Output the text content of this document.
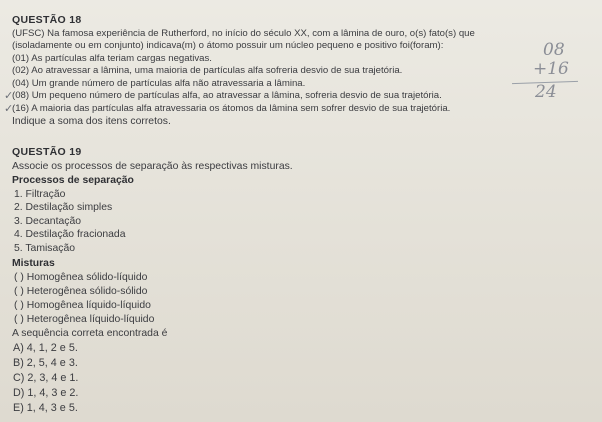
QUESTÃO 18
(UFSC) Na famosa experiência de Rutherford, no início do século XX, com a lâmina de ouro, o(s) fato(s) que
(isoladamente ou em conjunto) indicava(m) o átomo possuir um núcleo pequeno e positivo foi(foram):
(01) As partículas alfa teriam cargas negativas.
(02) Ao atravessar a lâmina, uma maioria de partículas alfa sofreria desvio de sua trajetória.
(04) Um grande número de partículas alfa não atravessaria a lâmina.
(08) Um pequeno número de partículas alfa, ao atravessar a lâmina, sofreria desvio de sua trajetória.
(16) A maioria das partículas alfa atravessaria os átomos da lâmina sem sofrer desvio de sua trajetória.
Indique a soma dos itens corretos.
✓
✓
08
+16
24
QUESTÃO 19
Associe os processos de separação às respectivas misturas.
Processos de separação
1. Filtração
2. Destilação simples
3. Decantação
4. Destilação fracionada
5. Tamisação
Misturas
( ) Homogênea sólido-líquido
( ) Heterogênea sólido-sólido
( ) Homogênea líquido-líquido
( ) Heterogênea líquido-líquido
A sequência correta encontrada é
A) 4, 1, 2 e 5.
B) 2, 5, 4 e 3.
C) 2, 3, 4 e 1.
D) 1, 4, 3 e 2.
E) 1, 4, 3 e 5.
